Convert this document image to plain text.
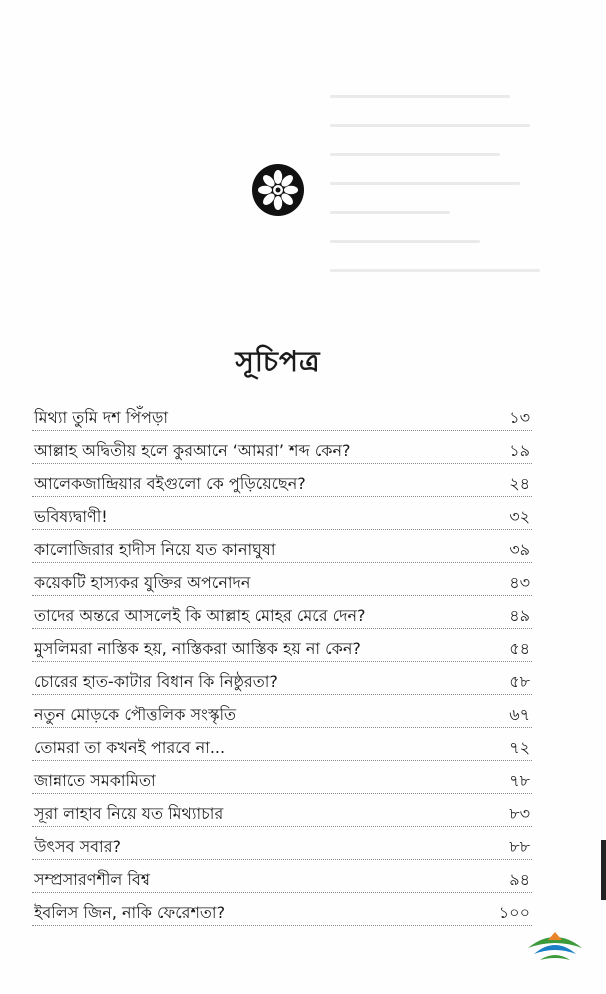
সূচিপত্র
মিথ্যা তুমি দশ পিঁপড়া	১৩
আল্লাহ অদ্বিতীয় হলে কুরআনে ‘আমরা’ শব্দ কেন?	১৯
আলেকজান্দ্রিয়ার বইগুলো কে পুড়িয়েছেন?	২৪
ভবিষ্যদ্বাণী!	৩২
কালোজিরার হাদীস নিয়ে যত কানাঘুষা	৩৯
কয়েকটি হাস্যকর যুক্তির অপনোদন	৪৩
তাদের অন্তরে আসলেই কি আল্লাহ মোহর মেরে দেন?	৪৯
মুসলিমরা নাস্তিক হয়, নাস্তিকরা আস্তিক হয় না কেন?	৫৪
চোরের হাত-কাটার বিধান কি নিষ্ঠুরতা?	৫৮
নতুন মোড়কে পৌত্তলিক সংস্কৃতি	৬৭
তোমরা তা কখনই পারবে না...	৭২
জান্নাতে সমকামিতা	৭৮
সূরা লাহাব নিয়ে যত মিথ্যাচার	৮৩
উৎসব সবার?	৮৮
সম্প্রসারণশীল বিশ্ব	৯৪
ইবলিস জিন, নাকি ফেরেশতা?	১০০
